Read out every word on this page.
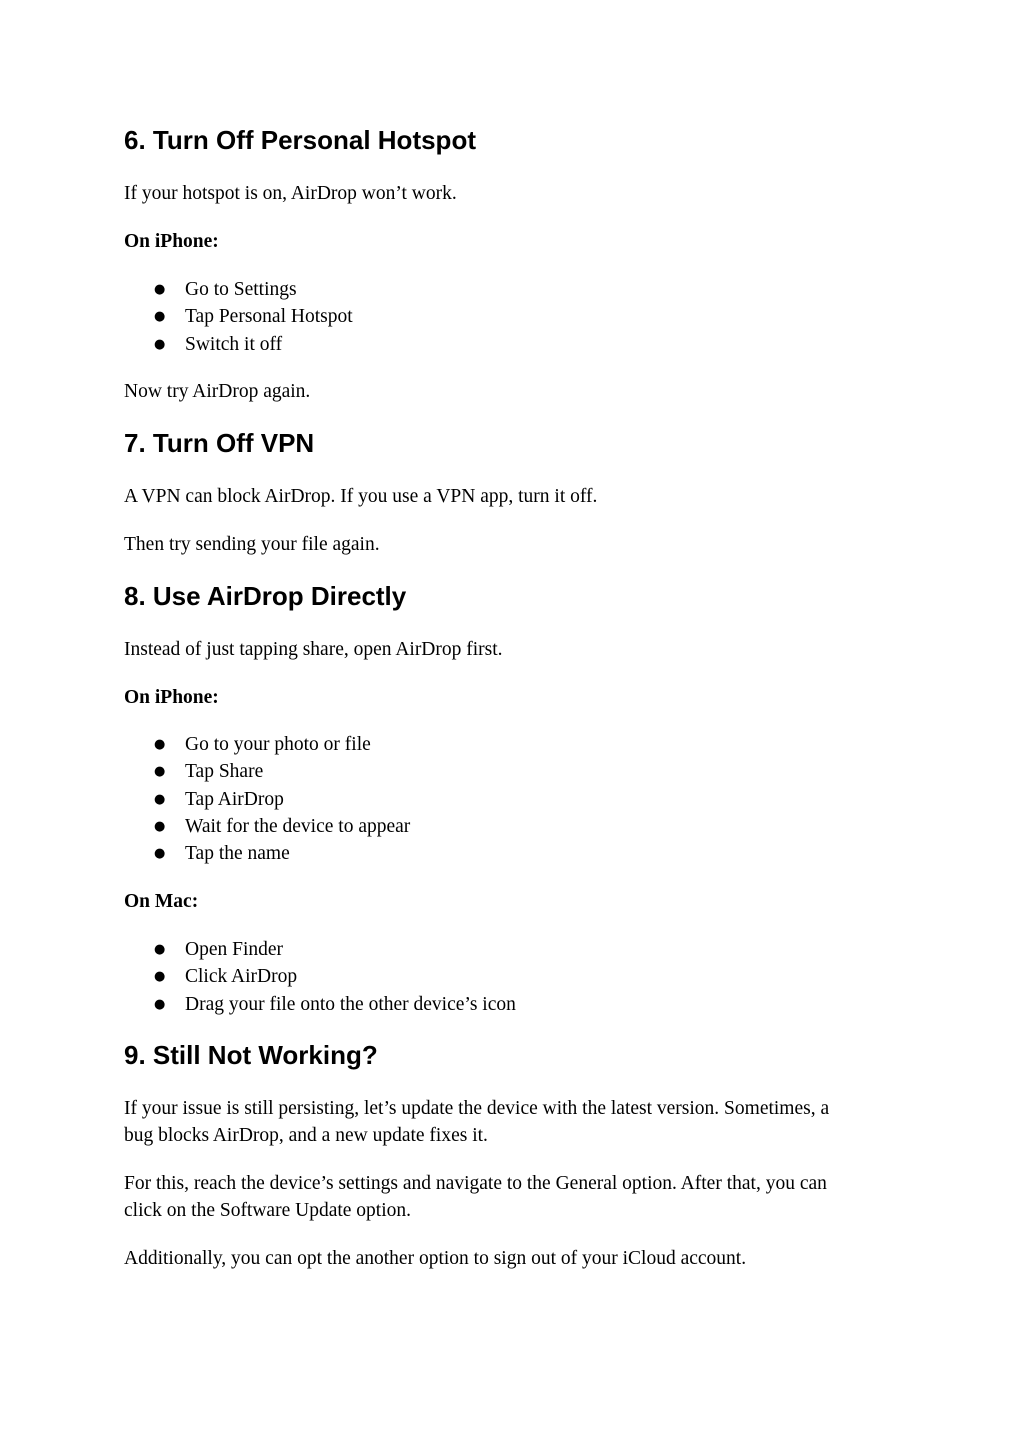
6. Turn Off Personal Hotspot

If your hotspot is on, AirDrop won’t work.

On iPhone:

● Go to Settings
● Tap Personal Hotspot
● Switch it off

Now try AirDrop again.

7. Turn Off VPN

A VPN can block AirDrop. If you use a VPN app, turn it off.

Then try sending your file again.

8. Use AirDrop Directly

Instead of just tapping share, open AirDrop first.

On iPhone:

● Go to your photo or file
● Tap Share
● Tap AirDrop
● Wait for the device to appear
● Tap the name

On Mac:

● Open Finder
● Click AirDrop
● Drag your file onto the other device’s icon
9. Still Not Working?

If your issue is still persisting, let’s update the device with the latest version. Sometimes, a
bug blocks AirDrop, and a new update fixes it.

For this, reach the device’s settings and navigate to the General option. After that, you can
click on the Software Update option.

Additionally, you can opt the another option to sign out of your iCloud account.
